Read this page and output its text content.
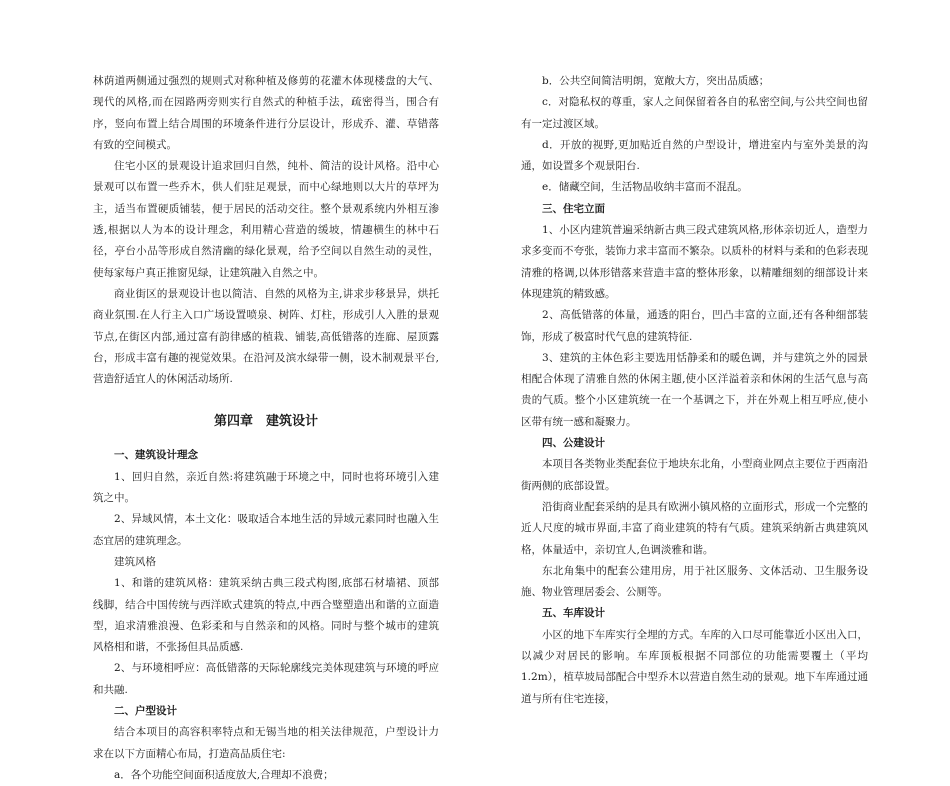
林荫道两侧通过强烈的规则式对称种植及修剪的花灌木体现楼盘的大气、现代的风格,而在园路两旁则实行自然式的种植手法，疏密得当，围合有序，竖向布置上结合周围的环境条件进行分层设计，形成乔、灌、草错落有致的空间模式。

住宅小区的景观设计追求回归自然，纯朴、简洁的设计风格。沿中心景观可以布置一些乔木，供人们驻足观景，而中心绿地则以大片的草坪为主，适当布置硬质铺装，便于居民的活动交往。整个景观系统内外相互渗透,根据以人为本的设计理念，利用精心营造的缓坡，情趣横生的林中石径，亭台小品等形成自然清幽的绿化景观，给予空间以自然生动的灵性，使每家每户真正推窗见绿，让建筑融入自然之中。

商业街区的景观设计也以简洁、自然的风格为主,讲求步移景异，烘托商业氛围.在人行主入口广场设置喷泉、树阵、灯柱，形成引人入胜的景观节点,在街区内部,通过富有韵律感的植栽、铺装,高低错落的连廊、屋顶露台，形成丰富有趣的视觉效果。在沿河及滨水绿带一侧，设木制观景平台,营造舒适宜人的休闲活动场所.

第四章　建筑设计

一、建筑设计理念

1、回归自然，亲近自然:将建筑融于环境之中，同时也将环境引入建筑之中。

2、异域风情，本土文化：吸取适合本地生活的异域元素同时也融入生态宜居的建筑理念。

建筑风格

1、和谐的建筑风格：建筑采纳古典三段式构图,底部石材墙裙、顶部线脚，结合中国传统与西洋欧式建筑的特点,中西合璧塑造出和谐的立面造型，追求清雅浪漫、色彩柔和与自然亲和的风格。同时与整个城市的建筑风格相和谐，不张扬但具品质感.

2、与环境相呼应：高低错落的天际轮廓线完美体现建筑与环境的呼应和共融.

二、户型设计

结合本项目的高容积率特点和无锡当地的相关法律规范，户型设计力求在以下方面精心布局，打造高品质住宅:

a．各个功能空间面积适度放大,合理却不浪费；

b．公共空间简洁明朗，宽敞大方，突出品质感；

c．对隐私权的尊重，家人之间保留着各自的私密空间,与公共空间也留有一定过渡区域。

d．开放的视野,更加贴近自然的户型设计，增进室内与室外美景的沟通，如设置多个观景阳台.

e．储藏空间，生活物品收纳丰富而不混乱。

三、住宅立面

1、小区内建筑普遍采纳新古典三段式建筑风格,形体亲切近人，造型力求多变而不夸张，装饰力求丰富而不繁杂。以质朴的材料与柔和的色彩表现清雅的格调,以体形错落来营造丰富的整体形象，以精雕细刻的细部设计来体现建筑的精致感。

2、高低错落的体量，通透的阳台，凹凸丰富的立面,还有各种细部装饰，形成了极富时代气息的建筑特征.

3、建筑的主体色彩主要选用恬静柔和的暖色调，并与建筑之外的园景相配合体现了清雅自然的休闲主题,使小区洋溢着亲和休闲的生活气息与高贵的气质。整个小区建筑统一在一个基调之下，并在外观上相互呼应,使小区带有统一感和凝聚力。

四、公建设计

本项目各类物业类配套位于地块东北角，小型商业网点主要位于西南沿街两侧的底部设置。

沿街商业配套采纳的是具有欧洲小镇风格的立面形式，形成一个完整的近人尺度的城市界面,丰富了商业建筑的特有气质。建筑采纳新古典建筑风格，体量适中，亲切宜人,色调淡雅和谐。

东北角集中的配套公建用房，用于社区服务、文体活动、卫生服务设施、物业管理居委会、公厕等。

五、车库设计

小区的地下车库实行全埋的方式。车库的入口尽可能靠近小区出入口，以减少对居民的影响。车库顶板根据不同部位的功能需要覆土（平均 1.2m），植草坡局部配合中型乔木以营造自然生动的景观。地下车库通过通道与所有住宅连接，
